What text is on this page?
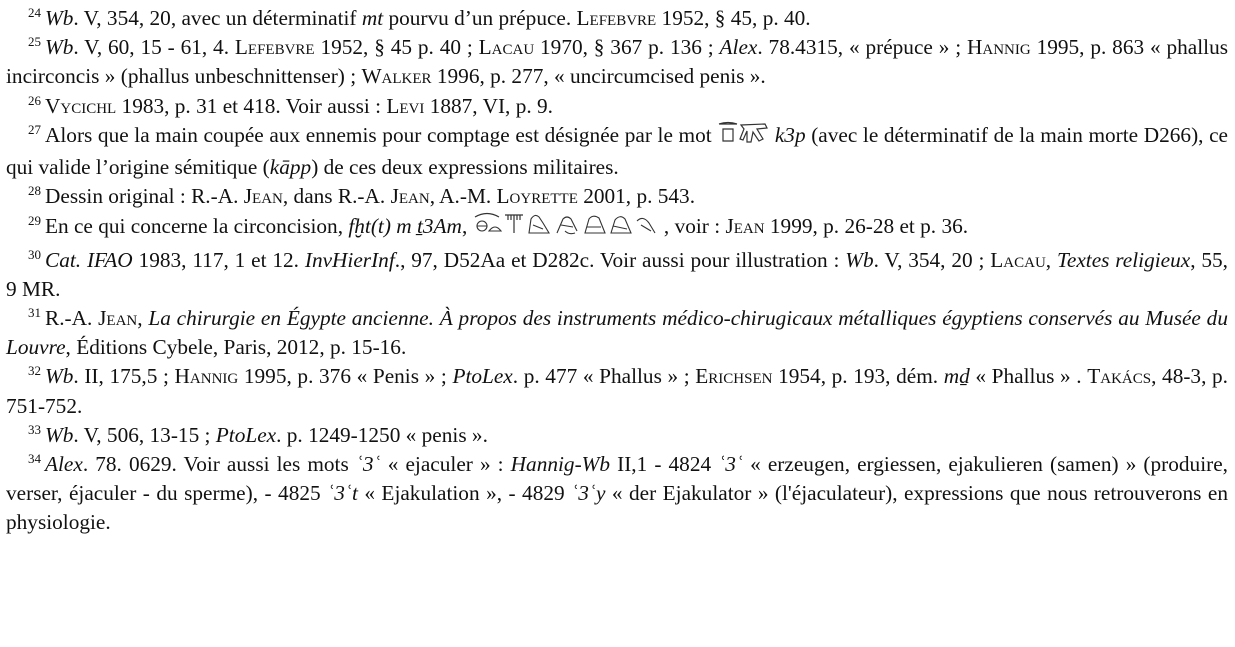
$^{24}$ Wb. V, 354, 20, avec un déterminatif mt pourvu d’un prépuce. Lefebvre 1952, § 45, p. 40.

$^{25}$ Wb. V, 60, 15 - 61, 4. Lefebvre 1952, § 45 p. 40 ; Lacau 1970, § 367 p. 136 ; Alex. 78.4315, « prépuce » ; Hannig 1995, p. 863 « phallus incirconcis » (phallus unbeschnittenser) ; Walker 1996, p. 277, « uncircumcised penis ».

$^{26}$ Vycichl 1983, p. 31 et 418. Voir aussi : Levi 1887, VI, p. 9.

$^{27}$ Alors que la main coupée aux ennemis pour comptage est désignée par le mot	k3p (avec le déterminatif de la main morte D266), ce qui valide l’origine sémitique (kāpp) de ces deux expressions militaires.

$^{28}$ Dessin original : R.-A. Jean, dans R.-A. Jean, A.-M. Loyrette 2001, p. 543.

$^{29}$ En ce qui concerne la circoncision, fḫt(t) m ṯ3Am,	, voir : Jean 1999, p. 26-28 et p. 36.

$^{30}$ Cat. IFAO 1983, 117, 1 et 12. InvHierInf., 97, D52Aa et D282c. Voir aussi pour illustration : Wb. V, 354, 20 ; Lacau, Textes religieux, 55, 9 MR.

$^{31}$ R.-A. Jean, La chirurgie en Égypte ancienne. À propos des instruments médico-chirugicaux métalliques égyptiens conservés au Musée du Louvre, Éditions Cybele, Paris, 2012, p. 15-16.

$^{32}$ Wb. II, 175,5 ; Hannig 1995, p. 376 « Penis » ; PtoLex. p. 477 « Phallus » ; Erichsen 1954, p. 193, dém. mḏ « Phallus » . Takács, 48-3, p. 751-752.

$^{33}$ Wb. V, 506, 13-15 ; PtoLex. p. 1249-1250 « penis ».

$^{34}$ Alex. 78. 0629. Voir aussi les mots ʿ3ʿ « ejaculer » : Hannig-Wb II,1 - 4824 ʿ3ʿ « erzeugen, ergiessen, ejakulieren (samen) » (produire, verser, éjaculer - du sperme), - 4825 ʿ3ʿt « Ejakulation », - 4829 ʿ3ʿy « der Ejakulator » (l'éjaculateur), expressions que nous retrouverons en physiologie.
